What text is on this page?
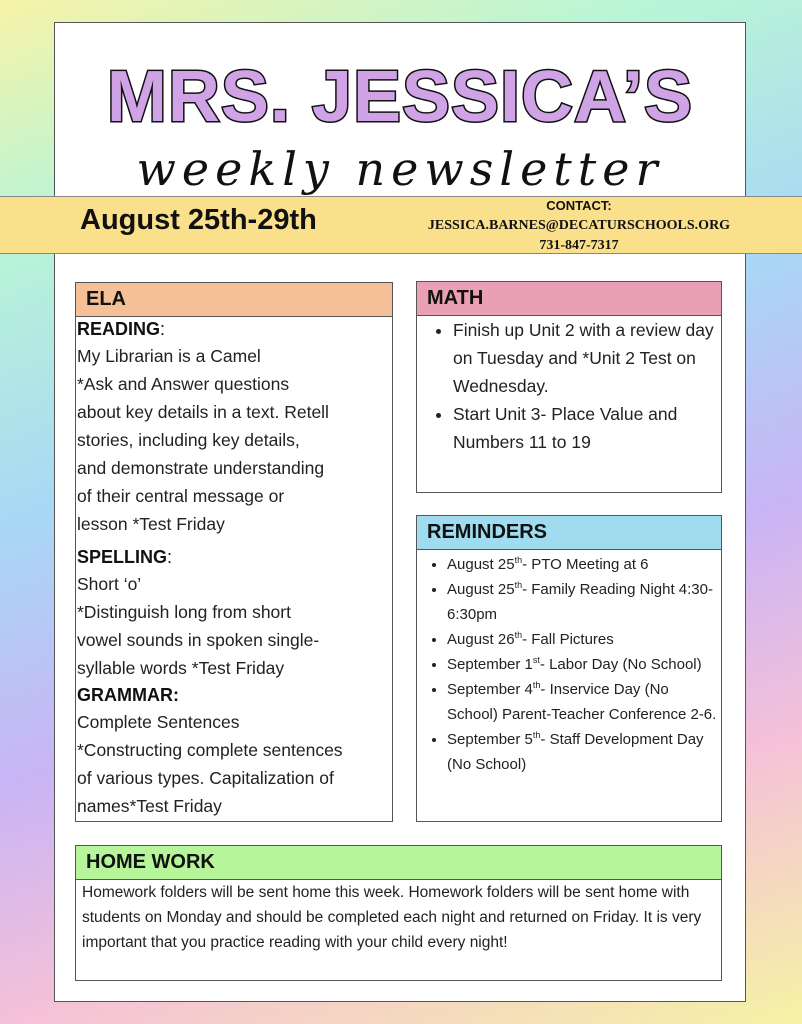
MRS. JESSICA’S
weekly newsletter
August 25th-29th	CONTACT:
JESSICA.BARNES@DECATURSCHOOLS.ORG
731-847-7317
ELA
READING:
My Librarian is a Camel
*Ask and Answer questions
about key details in a text. Retell
stories, including key details,
and demonstrate understanding
of their central message or
lesson *Test Friday
SPELLING:
Short ‘o’
*Distinguish long from short
vowel sounds in spoken single-
syllable words *Test Friday
GRAMMAR:
Complete Sentences
*Constructing complete sentences
of various types. Capitalization of
names*Test Friday
MATH
• Finish up Unit 2 with a review day on Tuesday and *Unit 2 Test on Wednesday.
• Start Unit 3- Place Value and Numbers 11 to 19
REMINDERS
• August 25th- PTO Meeting at 6
• August 25th- Family Reading Night 4:30-6:30pm
• August 26th- Fall Pictures
• September 1st- Labor Day (No School)
• September 4th- Inservice Day (No School) Parent-Teacher Conference 2-6.
• September 5th- Staff Development Day (No School)
HOME WORK
Homework folders will be sent home this week. Homework folders will be sent home with students on Monday and should be completed each night and returned on Friday. It is very important that you practice reading with your child every night!
